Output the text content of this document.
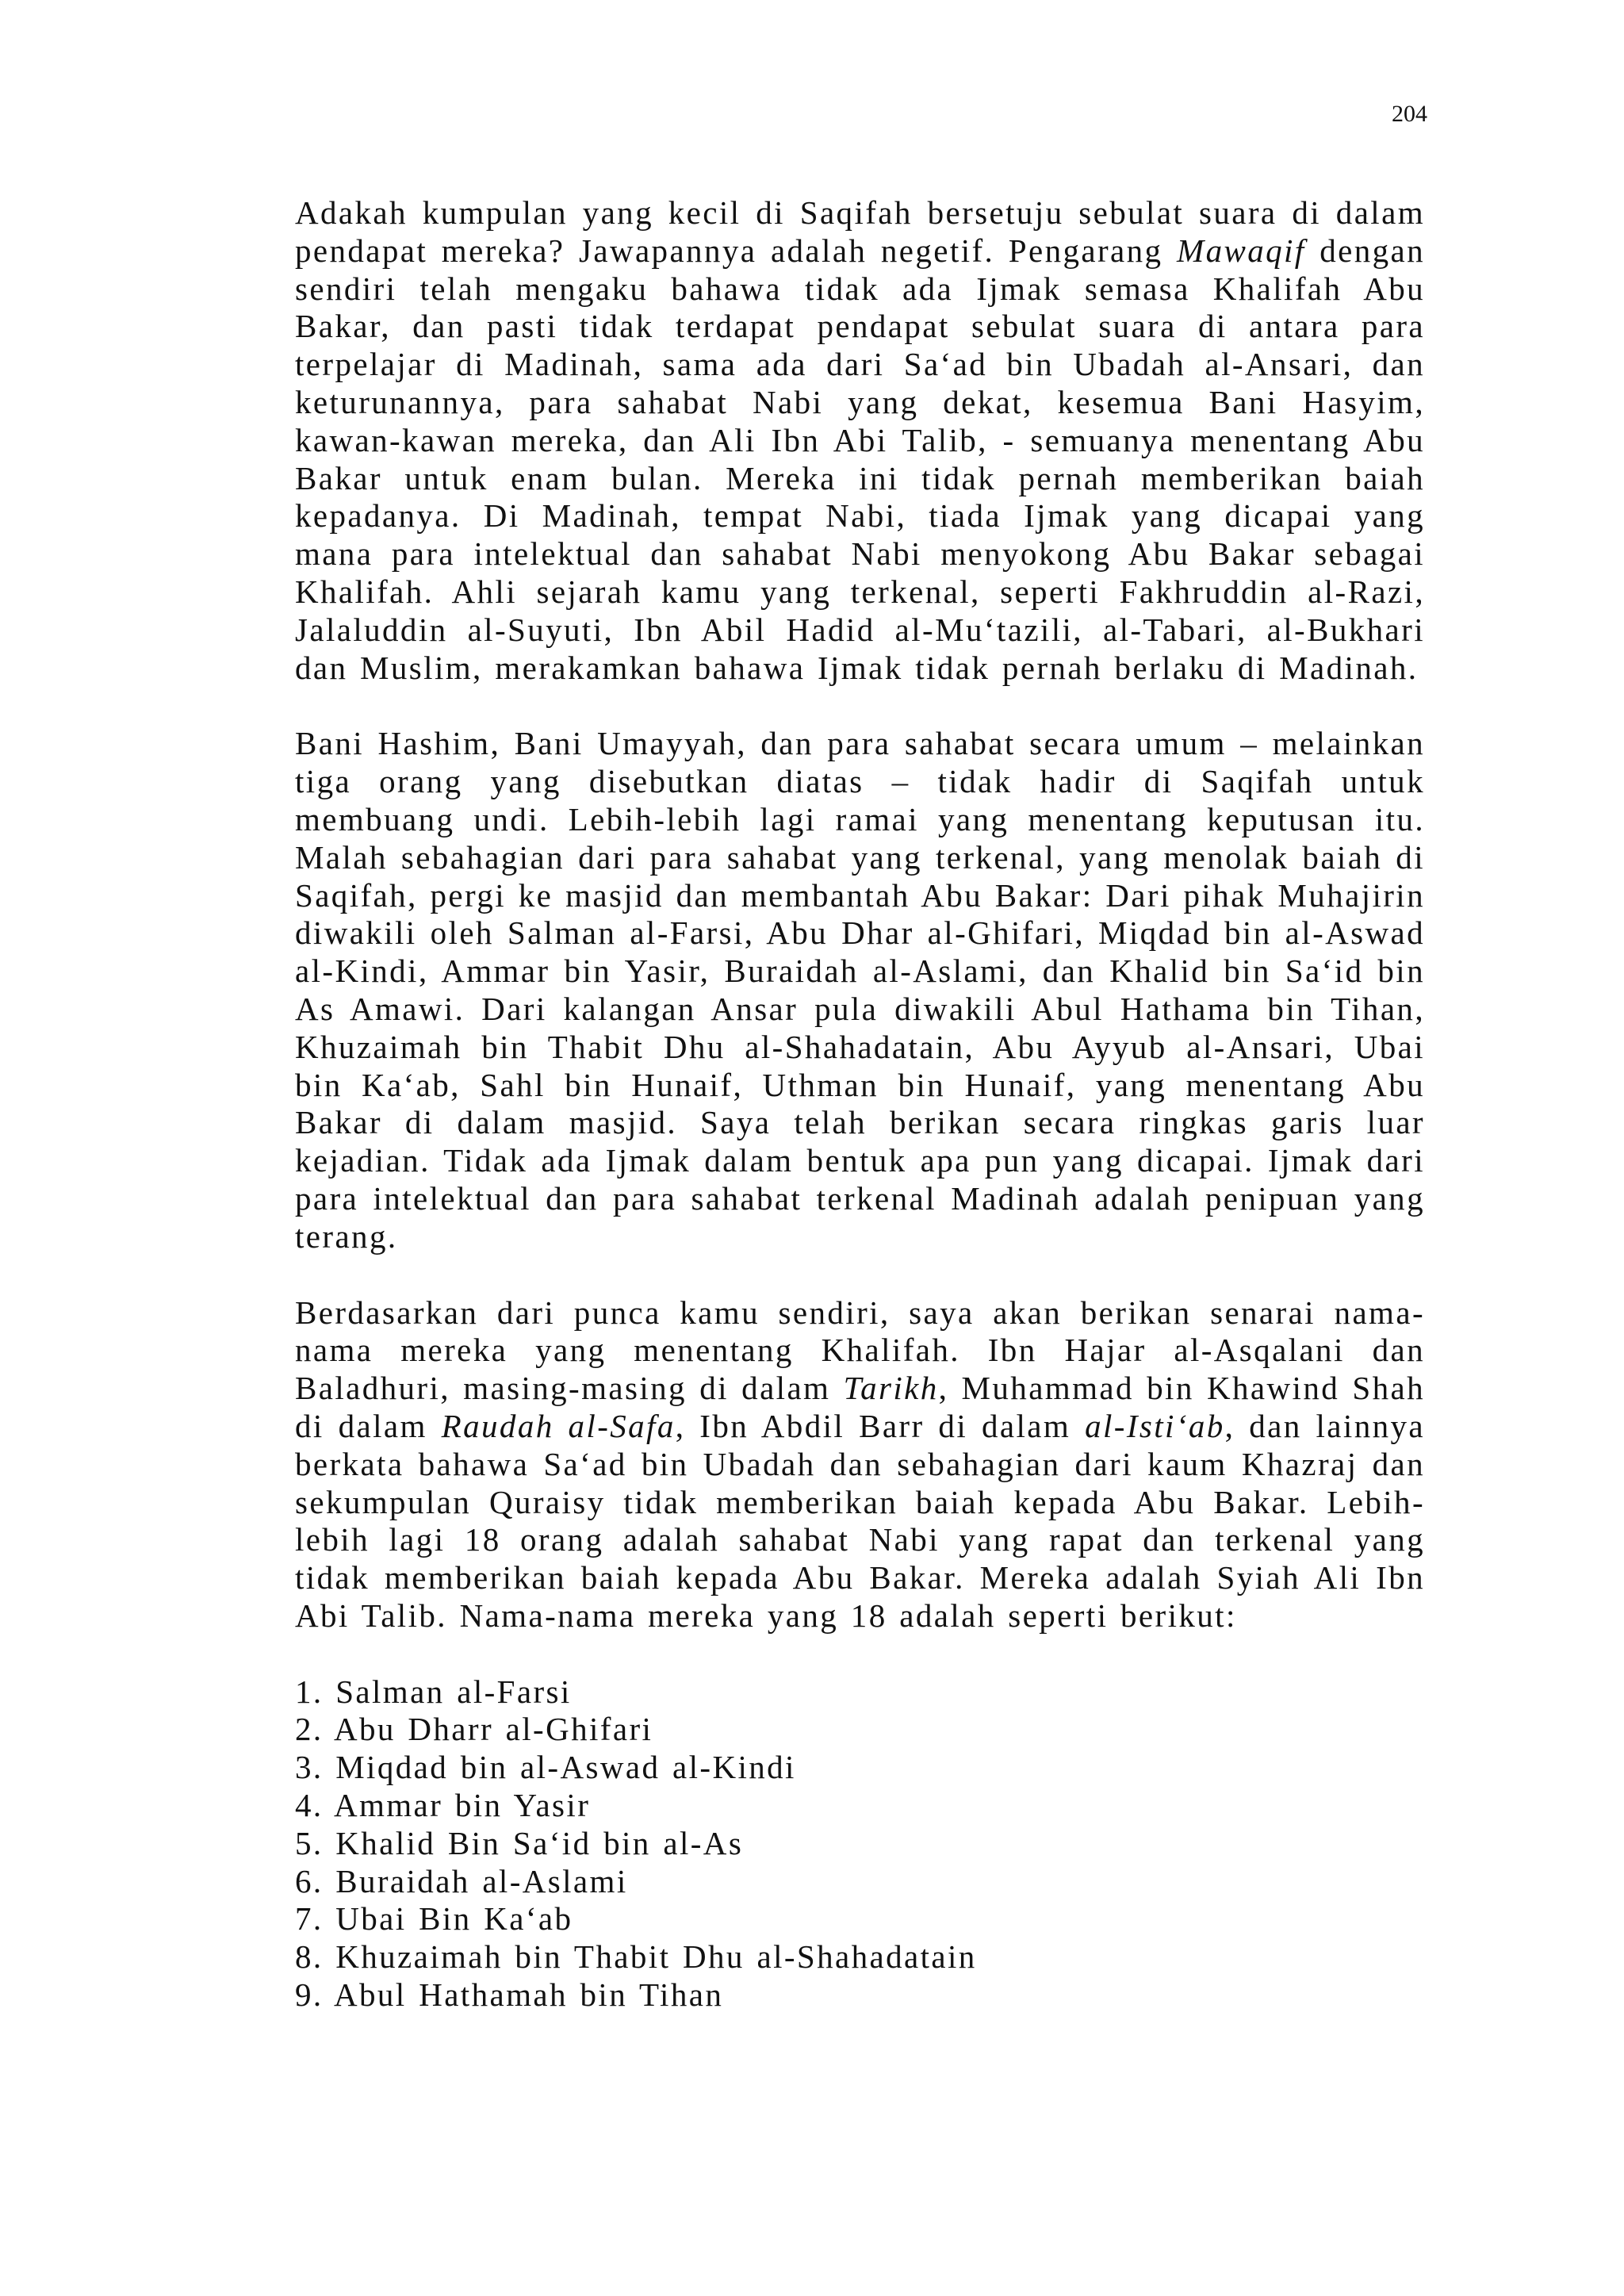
204

Adakah kumpulan yang kecil di Saqifah bersetuju sebulat suara di dalam pendapat mereka? Jawapannya adalah negetif. Pengarang Mawaqif dengan sendiri telah mengaku bahawa tidak ada Ijmak semasa Khalifah Abu Bakar, dan pasti tidak terdapat pendapat sebulat suara di antara para terpelajar di Madinah, sama ada dari Sa‘ad bin Ubadah al-Ansari, dan keturunannya, para sahabat Nabi yang dekat, kesemua Bani Hasyim, kawan-kawan mereka, dan Ali Ibn Abi Talib, - semuanya menentang Abu Bakar untuk enam bulan. Mereka ini tidak pernah memberikan baiah kepadanya. Di Madinah, tempat Nabi, tiada Ijmak yang dicapai yang mana para intelektual dan sahabat Nabi menyokong Abu Bakar sebagai Khalifah. Ahli sejarah kamu yang terkenal, seperti Fakhruddin al-Razi, Jalaluddin al-Suyuti, Ibn Abil Hadid al-Mu‘tazili, al-Tabari, al-Bukhari dan Muslim, merakamkan bahawa Ijmak tidak pernah berlaku di Madinah.

Bani Hashim, Bani Umayyah, dan para sahabat secara umum – melainkan tiga orang yang disebutkan diatas – tidak hadir di Saqifah untuk membuang undi. Lebih-lebih lagi ramai yang menentang keputusan itu. Malah sebahagian dari para sahabat yang terkenal, yang menolak baiah di Saqifah, pergi ke masjid dan membantah Abu Bakar: Dari pihak Muhajirin diwakili oleh Salman al-Farsi, Abu Dhar al-Ghifari, Miqdad bin al-Aswad al-Kindi, Ammar bin Yasir, Buraidah al-Aslami, dan Khalid bin Sa‘id bin As Amawi. Dari kalangan Ansar pula diwakili Abul Hathama bin Tihan, Khuzaimah bin Thabit Dhu al-Shahadatain, Abu Ayyub al-Ansari, Ubai bin Ka‘ab, Sahl bin Hunaif, Uthman bin Hunaif, yang menentang Abu Bakar di dalam masjid. Saya telah berikan secara ringkas garis luar kejadian. Tidak ada Ijmak dalam bentuk apa pun yang dicapai. Ijmak dari para intelektual dan para sahabat terkenal Madinah adalah penipuan yang terang.

Berdasarkan dari punca kamu sendiri, saya akan berikan senarai nama-nama mereka yang menentang Khalifah. Ibn Hajar al-Asqalani dan Baladhuri, masing-masing di dalam Tarikh, Muhammad bin Khawind Shah di dalam Raudah al-Safa, Ibn Abdil Barr di dalam al-Isti‘ab, dan lainnya berkata bahawa Sa‘ad bin Ubadah dan sebahagian dari kaum Khazraj dan sekumpulan Quraisy tidak memberikan baiah kepada Abu Bakar. Lebih-lebih lagi 18 orang adalah sahabat Nabi yang rapat dan terkenal yang tidak memberikan baiah kepada Abu Bakar. Mereka adalah Syiah Ali Ibn Abi Talib. Nama-nama mereka yang 18 adalah seperti berikut:

1. Salman al-Farsi
2. Abu Dharr al-Ghifari
3. Miqdad bin al-Aswad al-Kindi
4. Ammar bin Yasir
5. Khalid Bin Sa‘id bin al-As
6. Buraidah al-Aslami
7. Ubai Bin Ka‘ab
8. Khuzaimah bin Thabit Dhu al-Shahadatain
9. Abul Hathamah bin Tihan
